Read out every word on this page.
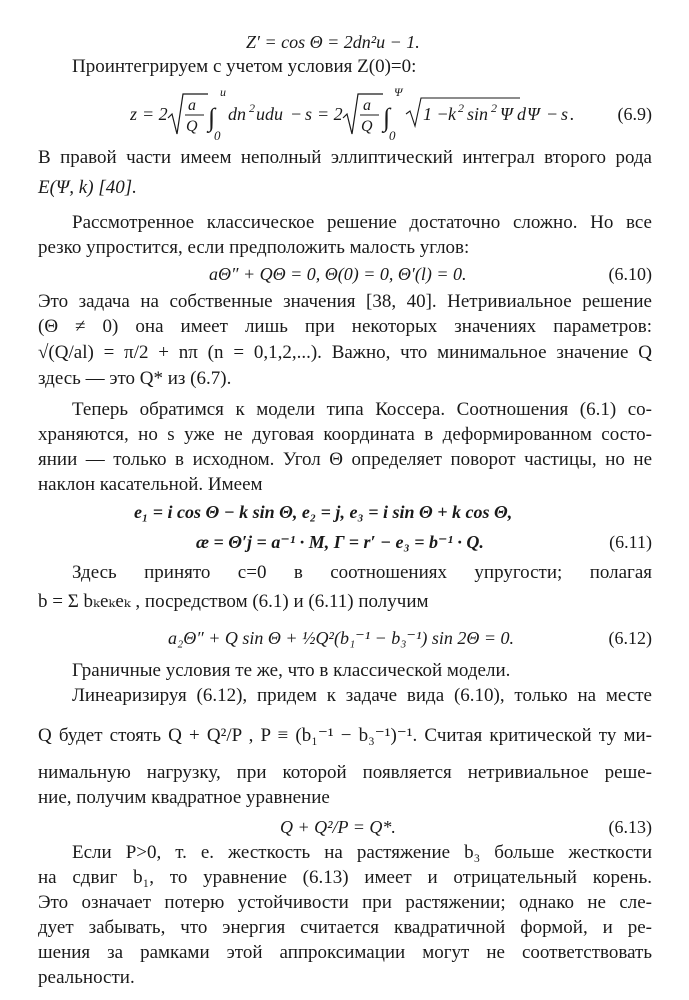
Z′ = cos Θ = 2dn²u − 1.
Проинтегрируем с учетом условия Z(0)=0:
z = 2 a
Q ∫
u
0
dn 2 udu − s = 2 a
Q ∫
Ψ
0
1 − k 2 sin 2 Ψ d Ψ − s . (6.9)
В правой части имеем неполный эллиптический интеграл второго рода
E(Ψ, k) [40].
Рассмотренное классическое решение достаточно сложно. Но все
резко упростится, если предположить малость углов:
aΘ″ + QΘ = 0, Θ(0) = 0, Θ′(l) = 0.	(6.10)
Это задача на собственные значения [38, 40]. Нетривиальное решение
(Θ ≠ 0) она имеет лишь при некоторых значениях параметров:
√(Q/al) = π/2 + nπ (n = 0,1,2,...). Важно, что минимальное значение Q
здесь — это Q* из (6.7).
Теперь обратимся к модели типа Коссера. Соотношения (6.1) со-
храняются, но s уже не дуговая координата в деформированном состо-
янии — только в исходном. Угол Θ определяет поворот частицы, но не
наклон касательной. Имеем
e₁ = i cos Θ − k sin Θ, e₂ = j, e₃ = i sin Θ + k cos Θ,
æ = Θ′j = a⁻¹ · M, Γ = r′ − e₃ = b⁻¹ · Q.	(6.11)
Здесь принято c=0 в соотношениях упругости; полагая
b = Σ bₖeₖeₖ , посредством (6.1) и (6.11) получим
a₂Θ″ + Q sin Θ + ½Q²(b₁⁻¹ − b₃⁻¹) sin 2Θ = 0.	(6.12)
Граничные условия те же, что в классической модели.
Линеаризируя (6.12), придем к задаче вида (6.10), только на месте
Q будет стоять Q + Q²/P , P ≡ (b₁⁻¹ − b₃⁻¹)⁻¹. Считая критической ту ми-
нимальную нагрузку, при которой появляется нетривиальное реше-
ние, получим квадратное уравнение
Q + Q²/P = Q*.	(6.13)
Если P>0, т. е. жесткость на растяжение b₃ больше жесткости
на сдвиг b₁, то уравнение (6.13) имеет и отрицательный корень.
Это означает потерю устойчивости при растяжении; однако не сле-
дует забывать, что энергия считается квадратичной формой, и ре-
шения за рамками этой аппроксимации могут не соответствовать
реальности.
